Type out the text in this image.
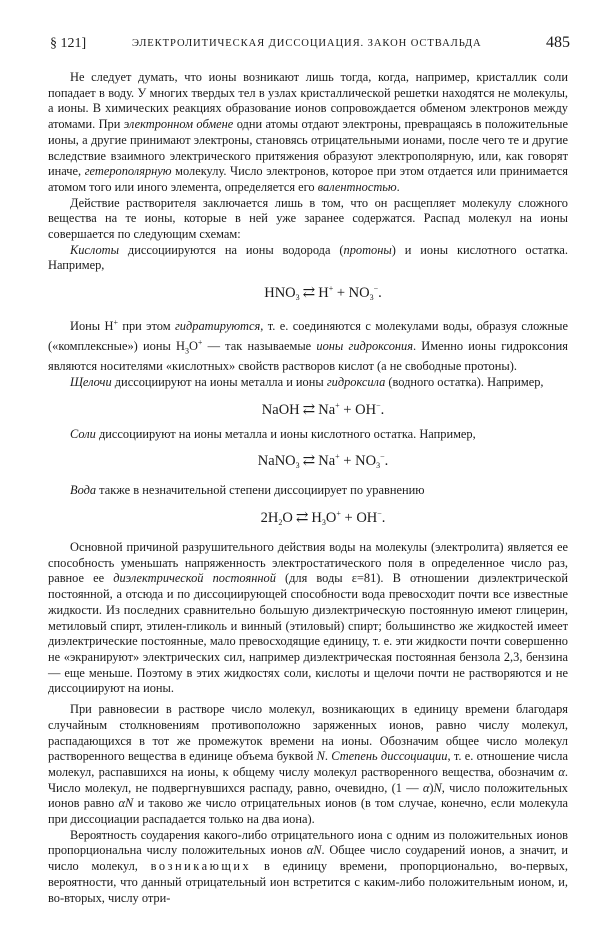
§ 121]	ЭЛЕКТРОЛИТИЧЕСКАЯ ДИССОЦИАЦИЯ. ЗАКОН ОСТВАЛЬДА	485

Не следует думать, что ионы возникают лишь тогда, когда, например, кристаллик соли попадает в воду. У многих твердых тел в узлах кристаллической решетки находятся не молекулы, а ионы. В химических реакциях образование ионов сопровождается обменом электронов между атомами. При электронном обмене одни атомы отдают электроны, превращаясь в положительные ионы, а другие принимают электроны, становясь отрицательными ионами, после чего те и другие вследствие взаимного электрического притяжения образуют электрополярную, или, как говорят иначе, гетерополярную молекулу. Число электронов, которое при этом отдается или принимается атомом того или иного элемента, определяется его валентностью.

Действие растворителя заключается лишь в том, что он расщепляет молекулу сложного вещества на те ионы, которые в ней уже заранее содержатся. Распад молекул на ионы совершается по следующим схемам:

Кислоты диссоциируются на ионы водорода (протоны) и ионы кислотного остатка. Например,

$HNO_3$ ⇄ $H^+ + NO_3^-$.

Ионы H+ при этом гидратируются, т. е. соединяются с молекулами воды, образуя сложные («комплексные») ионы $H_3O^+$ — так называемые ионы гидроксония. Именно ионы гидроксония являются носителями «кислотных» свойств растворов кислот (а не свободные протоны).

Щелочи диссоциируют на ионы металла и ионы гидроксила (водного остатка). Например,

NaOH ⇄ Na+ + OH−.

Соли диссоциируют на ионы металла и ионы кислотного остатка. Например,

NaNO$_3$ ⇄ $Na^+ + NO_3^-$.

Вода также в незначительной степени диссоциирует по уравнению

$2H_2O$ ⇄ $H_3O^+ + OH^-$.

Основной причиной разрушительного действия воды на молекулы (электролита) является ее способность уменьшать напряженность электростатического поля в определенное число раз, равное ее диэлектрической постоянной (для воды ε=81). В отношении диэлектрической постоянной, а отсюда и по диссоциирующей способности вода превосходит почти все известные жидкости. Из последних сравнительно большую диэлектрическую постоянную имеют глицерин, метиловый спирт, этилен-гликоль и винный (этиловый) спирт; большинство же жидкостей имеет диэлектрические постоянные, мало превосходящие единицу, т. е. эти жидкости почти совершенно не «экранируют» электрических сил, например диэлектрическая постоянная бензола 2,3, бензина — еще меньше. Поэтому в этих жидкостях соли, кислоты и щелочи почти не растворяются и не диссоциируют на ионы.

При равновесии в растворе число молекул, возникающих в единицу времени благодаря случайным столкновениям противоположно заряженных ионов, равно числу молекул, распадающихся в тот же промежуток времени на ионы. Обозначим общее число молекул растворенного вещества в единице объема буквой N. Степень диссоциации, т. е. отношение числа молекул, распавшихся на ионы, к общему числу молекул растворенного вещества, обозначим α. Число молекул, не подвергнувшихся распаду, равно, очевидно, (1 — α)N, число положительных ионов равно αN и таково же число отрицательных ионов (в том случае, конечно, если молекула при диссоциации распадается только на два иона).

Вероятность соударения какого-либо отрицательного иона с одним из положительных ионов пропорциональна числу положительных ионов αN. Общее число соударений ионов, а значит, и число молекул, возникающих в единицу времени, пропорционально, во-первых, вероятности, что данный отрицательный ион встретится с каким-либо положительным ионом, и, во-вторых, числу отри-
